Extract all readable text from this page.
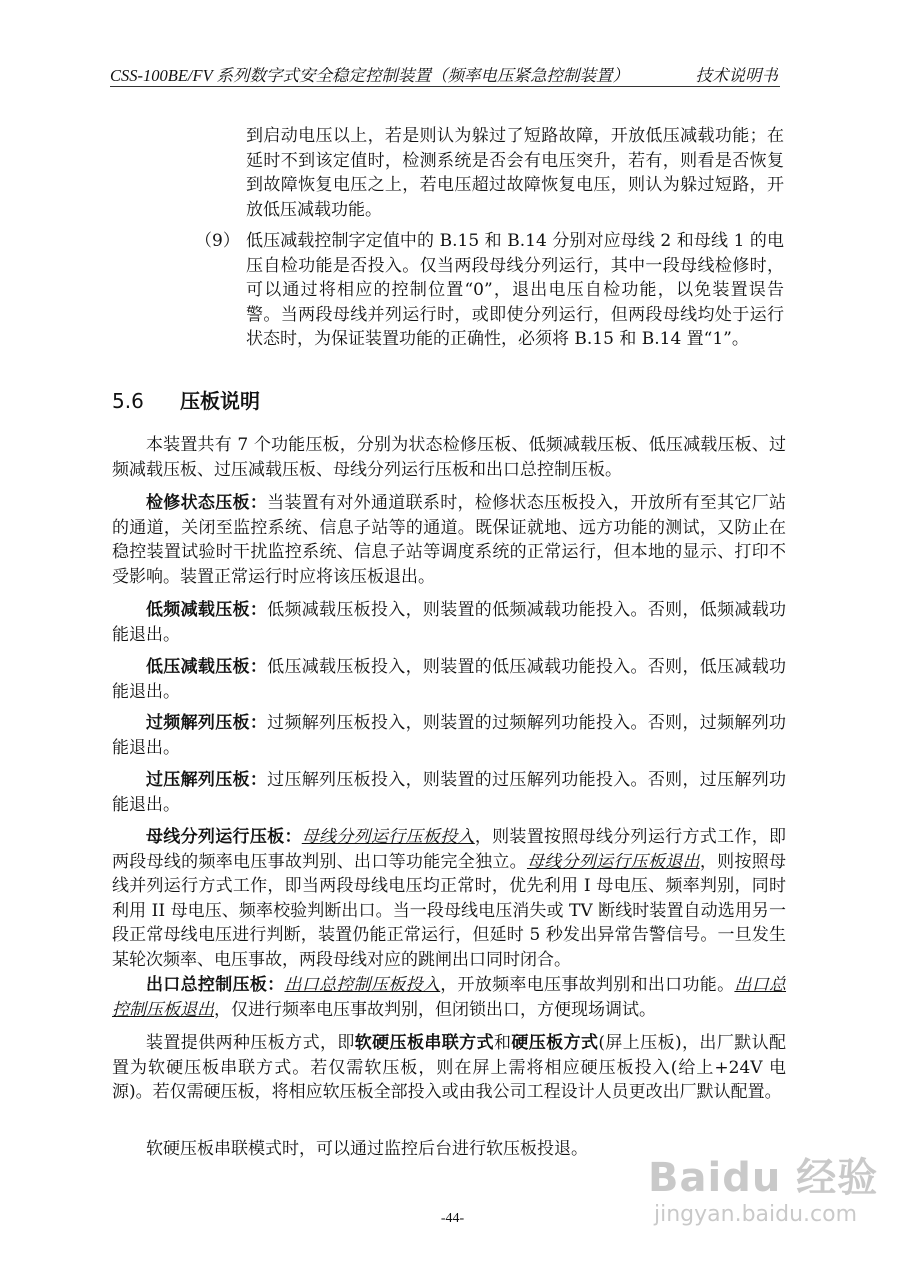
CSS-100BE/FV 系列数字式安全稳定控制装置（频率电压紧急控制装置）	技术说明书

到启动电压以上，若是则认为躲过了短路故障，开放低压减载功能；在延时不到该定值时，检测系统是否会有电压突升，若有，则看是否恢复到故障恢复电压之上，若电压超过故障恢复电压，则认为躲过短路，开放低压减载功能。

（9） 低压减载控制字定值中的 B.15 和 B.14 分别对应母线 2 和母线 1 的电压自检功能是否投入。仅当两段母线分列运行，其中一段母线检修时，可以通过将相应的控制位置“0”，退出电压自检功能，以免装置误告警。当两段母线并列运行时，或即使分列运行，但两段母线均处于运行状态时，为保证装置功能的正确性，必须将 B.15 和 B.14 置“1”。

5.6 压板说明

本装置共有 7 个功能压板，分别为状态检修压板、低频减载压板、低压减载压板、过频减载压板、过压减载压板、母线分列运行压板和出口总控制压板。

检修状态压板：当装置有对外通道联系时，检修状态压板投入，开放所有至其它厂站的通道，关闭至监控系统、信息子站等的通道。既保证就地、远方功能的测试，又防止在稳控装置试验时干扰监控系统、信息子站等调度系统的正常运行，但本地的显示、打印不受影响。装置正常运行时应将该压板退出。

低频减载压板：低频减载压板投入，则装置的低频减载功能投入。否则，低频减载功能退出。

低压减载压板：低压减载压板投入，则装置的低压减载功能投入。否则，低压减载功能退出。

过频解列压板：过频解列压板投入，则装置的过频解列功能投入。否则，过频解列功能退出。

过压解列压板：过压解列压板投入，则装置的过压解列功能投入。否则，过压解列功能退出。

母线分列运行压板：母线分列运行压板投入，则装置按照母线分列运行方式工作，即两段母线的频率电压事故判别、出口等功能完全独立。母线分列运行压板退出，则按照母线并列运行方式工作，即当两段母线电压均正常时，优先利用 I 母电压、频率判别，同时利用 II 母电压、频率校验判断出口。当一段母线电压消失或 TV 断线时装置自动选用另一段正常母线电压进行判断，装置仍能正常运行，但延时 5 秒发出异常告警信号。一旦发生某轮次频率、电压事故，两段母线对应的跳闸出口同时闭合。

出口总控制压板：出口总控制压板投入，开放频率电压事故判别和出口功能。出口总控制压板退出，仅进行频率电压事故判别，但闭锁出口，方便现场调试。

装置提供两种压板方式，即软硬压板串联方式和硬压板方式(屏上压板)，出厂默认配置为软硬压板串联方式。若仅需软压板，则在屏上需将相应硬压板投入(给上+24V 电源)。若仅需硬压板，将相应软压板全部投入或由我公司工程设计人员更改出厂默认配置。

软硬压板串联模式时，可以通过监控后台进行软压板投退。

Baidu 经验
jingyan.baidu.com
-44-
